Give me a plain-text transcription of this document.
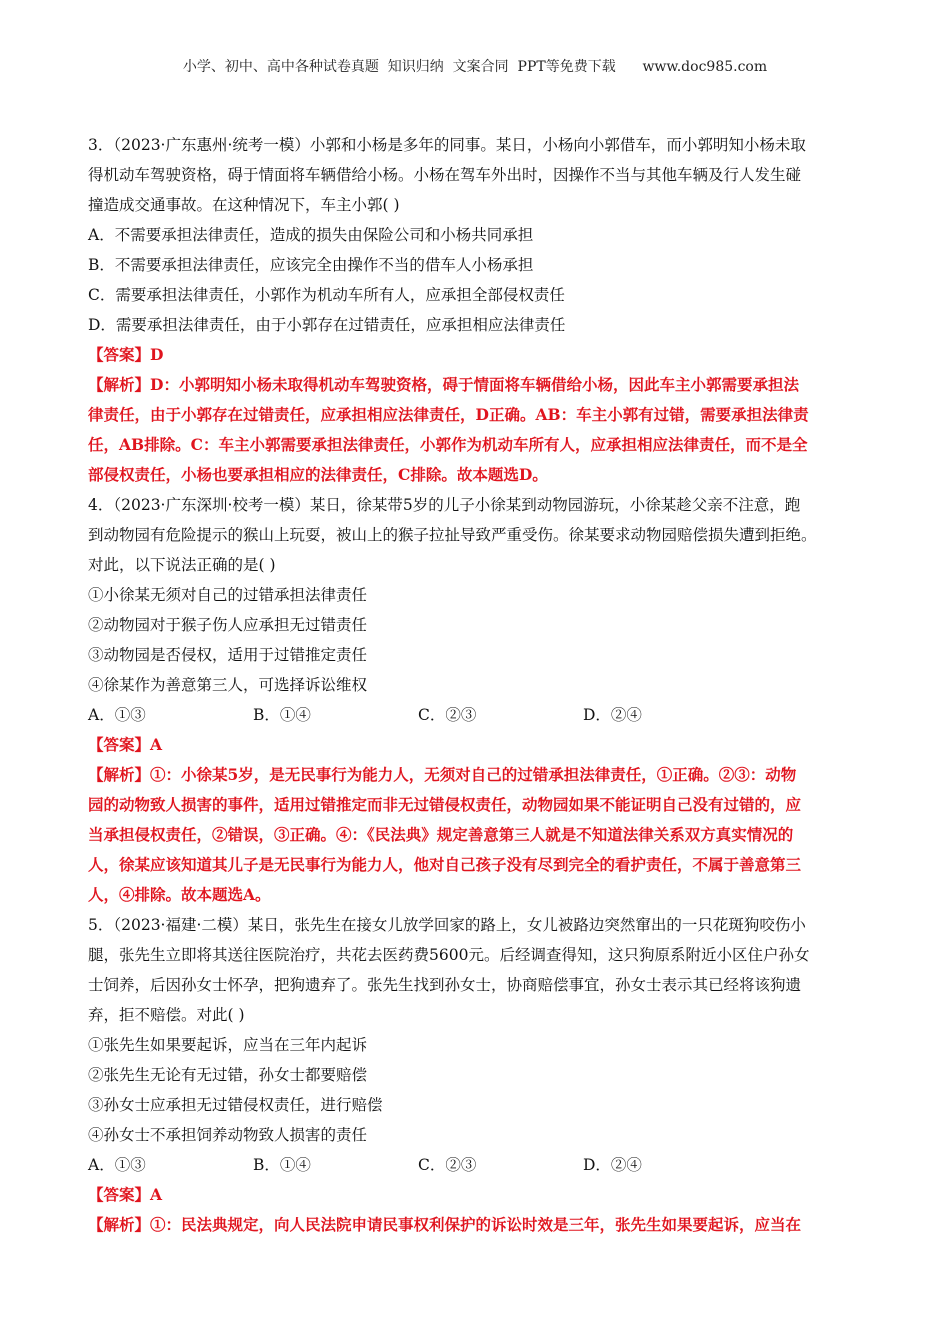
小学、初中、高中各种试卷真题  知识归纳  文案合同  PPT等免费下载      www.doc985.com
3．（2023·广东惠州·统考一模）小郭和小杨是多年的同事。某日，小杨向小郭借车，而小郭明知小杨未取
得机动车驾驶资格，碍于情面将车辆借给小杨。小杨在驾车外出时，因操作不当与其他车辆及行人发生碰
撞造成交通事故。在这种情况下，车主小郭( )
A．不需要承担法律责任，造成的损失由保险公司和小杨共同承担
B．不需要承担法律责任，应该完全由操作不当的借车人小杨承担
C．需要承担法律责任，小郭作为机动车所有人，应承担全部侵权责任
D．需要承担法律责任，由于小郭存在过错责任，应承担相应法律责任
【答案】D
【解析】D：小郭明知小杨未取得机动车驾驶资格，碍于情面将车辆借给小杨，因此车主小郭需要承担法
律责任，由于小郭存在过错责任，应承担相应法律责任，D正确。AB：车主小郭有过错，需要承担法律责
任，AB排除。C：车主小郭需要承担法律责任，小郭作为机动车所有人，应承担相应法律责任，而不是全
部侵权责任，小杨也要承担相应的法律责任，C排除。故本题选D。
4．（2023·广东深圳·校考一模）某日，徐某带5岁的儿子小徐某到动物园游玩，小徐某趁父亲不注意，跑
到动物园有危险提示的猴山上玩耍，被山上的猴子拉扯导致严重受伤。徐某要求动物园赔偿损失遭到拒绝。
对此，以下说法正确的是( )
①小徐某无须对自己的过错承担法律责任
②动物园对于猴子伤人应承担无过错责任
③动物园是否侵权，适用于过错推定责任
④徐某作为善意第三人，可选择诉讼维权
A．①③	B．①④	C．②③	D．②④
【答案】A
【解析】①：小徐某5岁，是无民事行为能力人，无须对自己的过错承担法律责任，①正确。②③：动物
园的动物致人损害的事件，适用过错推定而非无过错侵权责任，动物园如果不能证明自己没有过错的，应
当承担侵权责任，②错误，③正确。④：《民法典》规定善意第三人就是不知道法律关系双方真实情况的
人，徐某应该知道其儿子是无民事行为能力人，他对自己孩子没有尽到完全的看护责任，不属于善意第三
人，④排除。故本题选A。
5．（2023·福建·二模）某日，张先生在接女儿放学回家的路上，女儿被路边突然窜出的一只花斑狗咬伤小
腿，张先生立即将其送往医院治疗，共花去医药费5600元。后经调查得知，这只狗原系附近小区住户孙女
士饲养，后因孙女士怀孕，把狗遗弃了。张先生找到孙女士，协商赔偿事宜，孙女士表示其已经将该狗遗
弃，拒不赔偿。对此( )
①张先生如果要起诉，应当在三年内起诉
②张先生无论有无过错，孙女士都要赔偿
③孙女士应承担无过错侵权责任，进行赔偿
④孙女士不承担饲养动物致人损害的责任
A．①③	B．①④	C．②③	D．②④
【答案】A
【解析】①：民法典规定，向人民法院申请民事权利保护的诉讼时效是三年，张先生如果要起诉，应当在
